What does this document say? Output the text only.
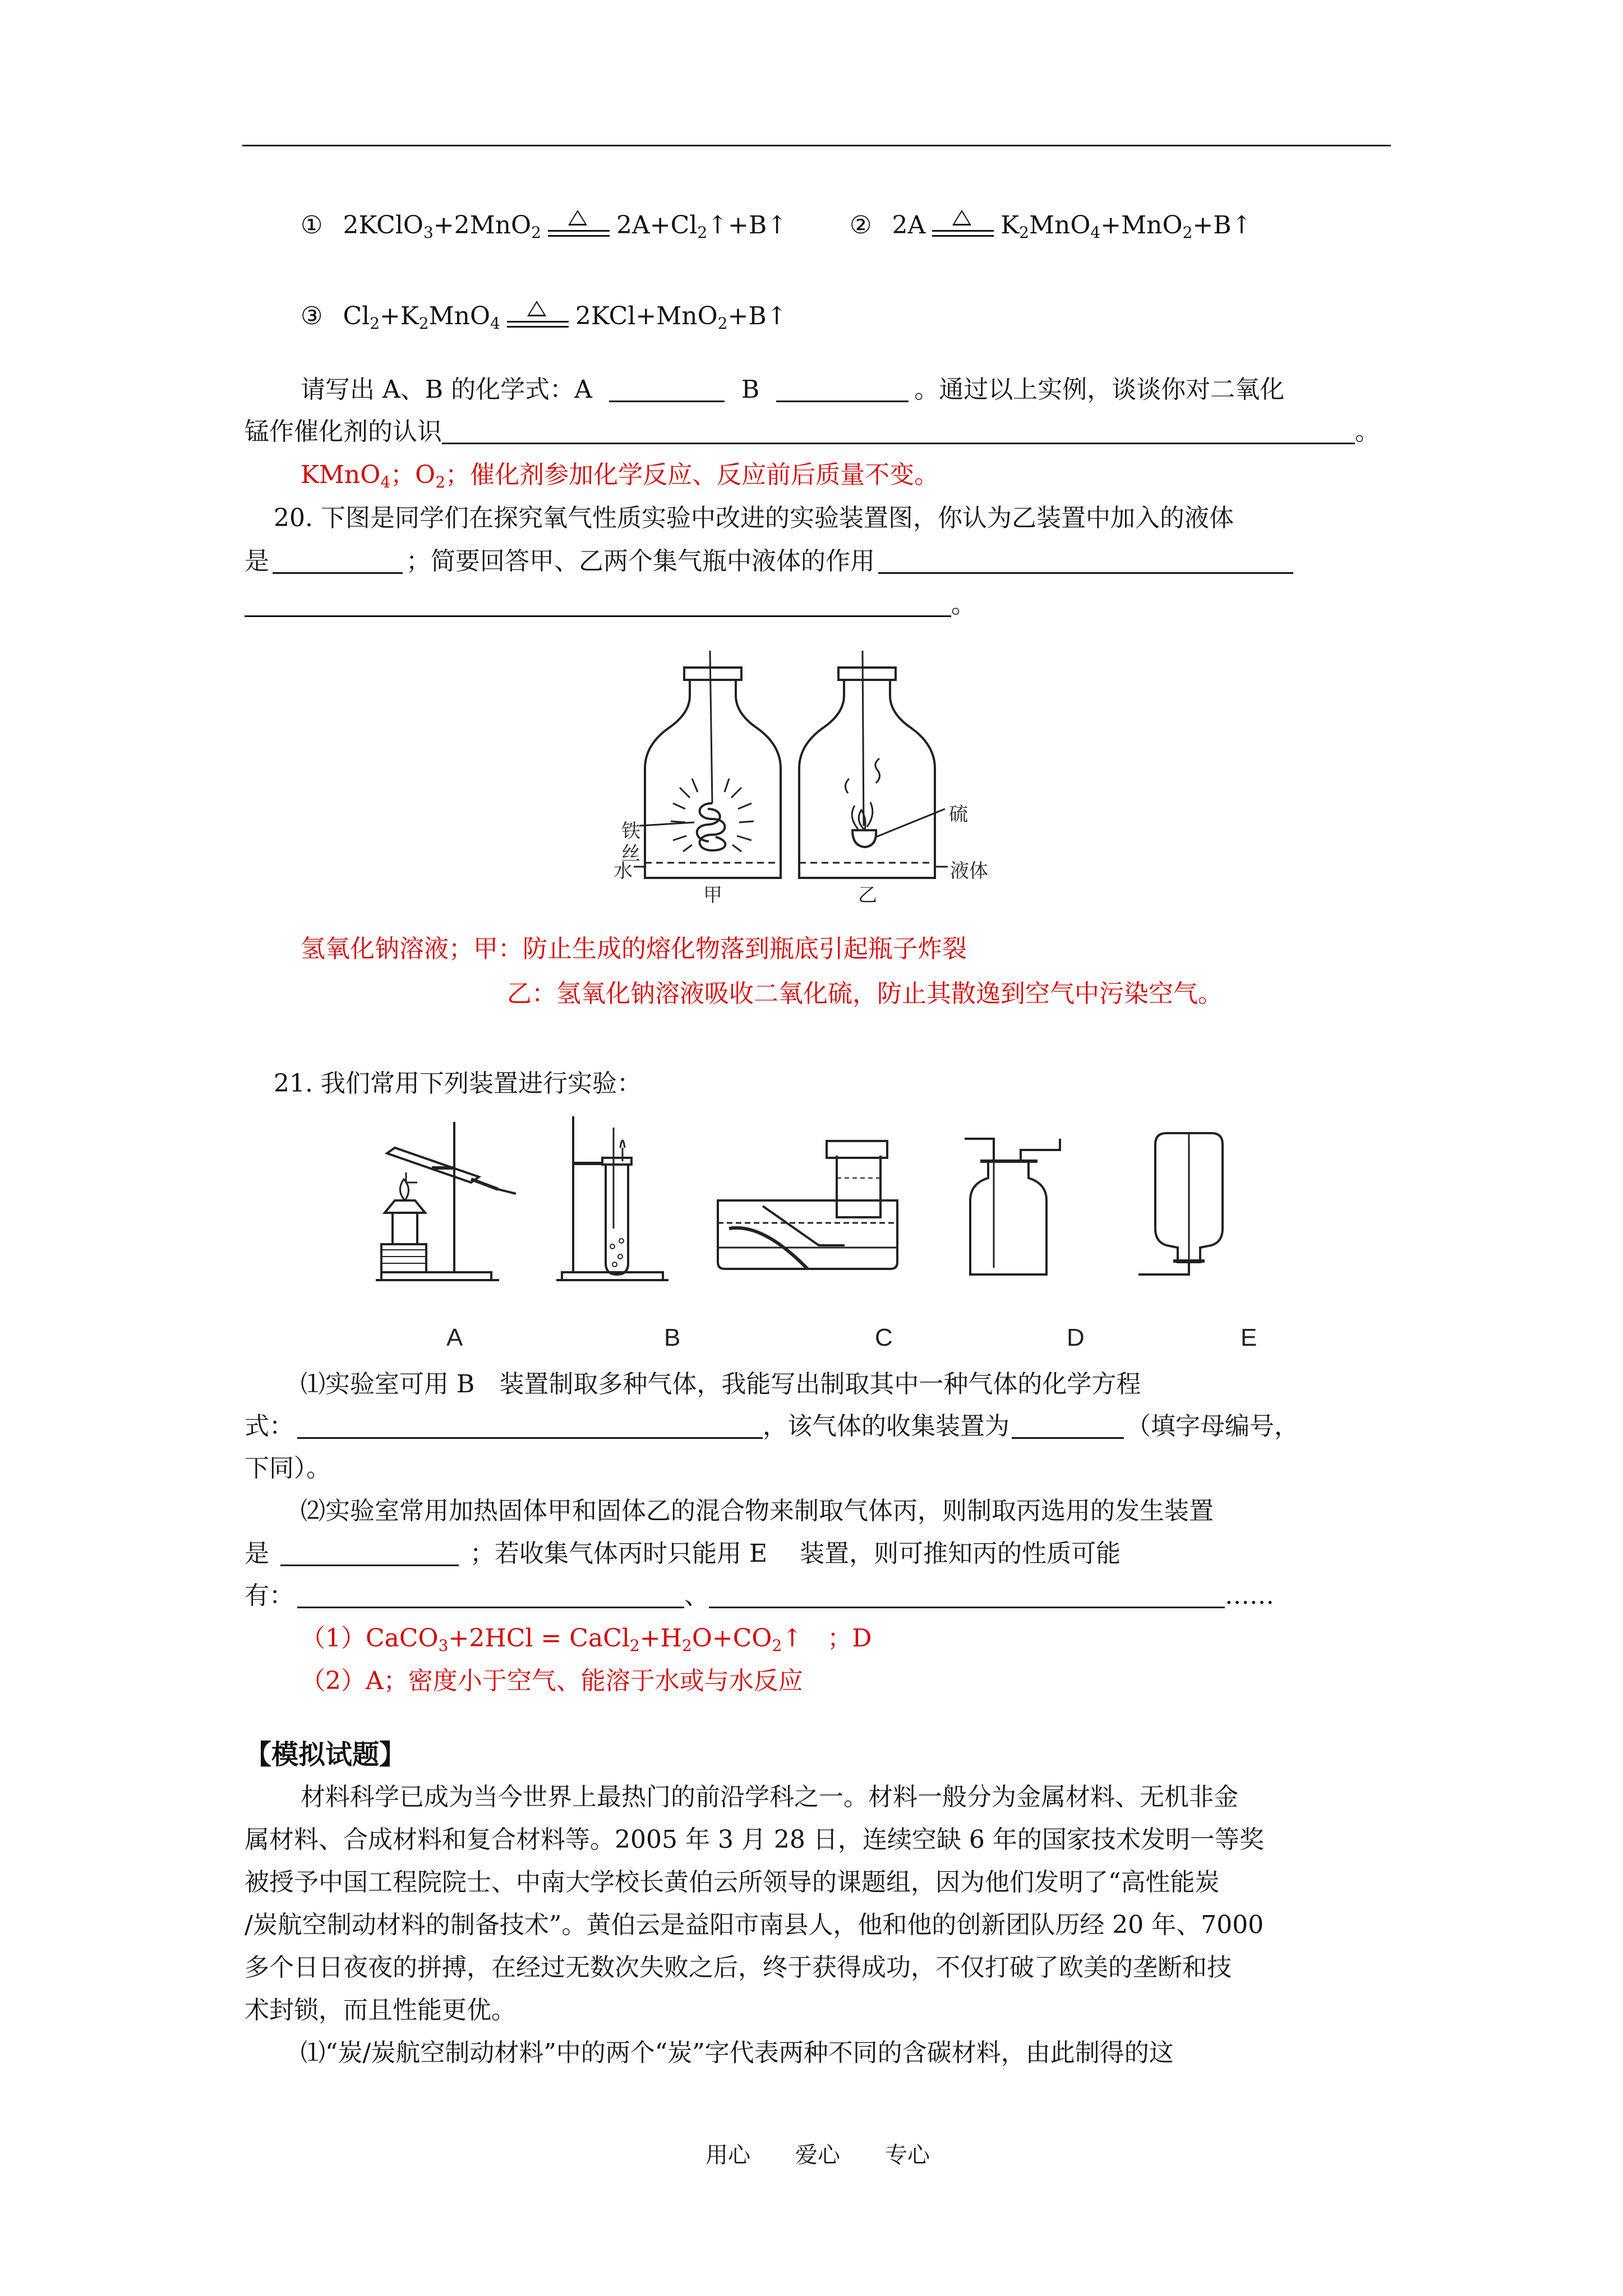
① 2KClO$_3$+2MnO$_2$	$2A+Cl_2↑+B↑$	② 2A	$K_2MnO_4+MnO_2+B↑$
③ $Cl_2+K_2MnO_4$	2KCl+MnO$_2$+B↑
请写出 A、B 的化学式：A	B	。通过以上实例，谈谈你对二氧化
锰作催化剂的认识	。
KMnO$_4$；$O_2$；催化剂参加化学反应、反应前后质量不变。
20. 下图是同学们在探究氧气性质实验中改进的实验装置图，你认为乙装置中加入的液体
是	；简要回答甲、乙两个集气瓶中液体的作用
。
铁
丝
水
硫
液体
甲	乙
氢氧化钠溶液；甲：防止生成的熔化物落到瓶底引起瓶子炸裂
乙：氢氧化钠溶液吸收二氧化硫，防止其散逸到空气中污染空气。
21. 我们常用下列装置进行实验：
A	B	C	D	E
⑴实验室可用 B　装置制取多种气体，我能写出制取其中一种气体的化学方程
式：	，该气体的收集装置为	（填字母编号，
下同）。
⑵实验室常用加热固体甲和固体乙的混合物来制取气体丙，则制取丙选用的发生装置
是	；若收集气体丙时只能用 E　 装置，则可推知丙的性质可能
有：	、	……
（1）CaCO$_3$+2HCl = $CaCl_2+H_2O+CO_2↑$　；D
（2）A；密度小于空气、能溶于水或与水反应
【模拟试题】
材料科学已成为当今世界上最热门的前沿学科之一。材料一般分为金属材料、无机非金
属材料、合成材料和复合材料等。2005 年 3 月 28 日，连续空缺 6 年的国家技术发明一等奖
被授予中国工程院院士、中南大学校长黄伯云所领导的课题组，因为他们发明了“高性能炭
/炭航空制动材料的制备技术”。黄伯云是益阳市南县人，他和他的创新团队历经 20 年、7000
多个日日夜夜的拼搏，在经过无数次失败之后，终于获得成功，不仅打破了欧美的垄断和技
术封锁，而且性能更优。
⑴“炭/炭航空制动材料”中的两个“炭”字代表两种不同的含碳材料，由此制得的这
用心　　爱心　　专心
